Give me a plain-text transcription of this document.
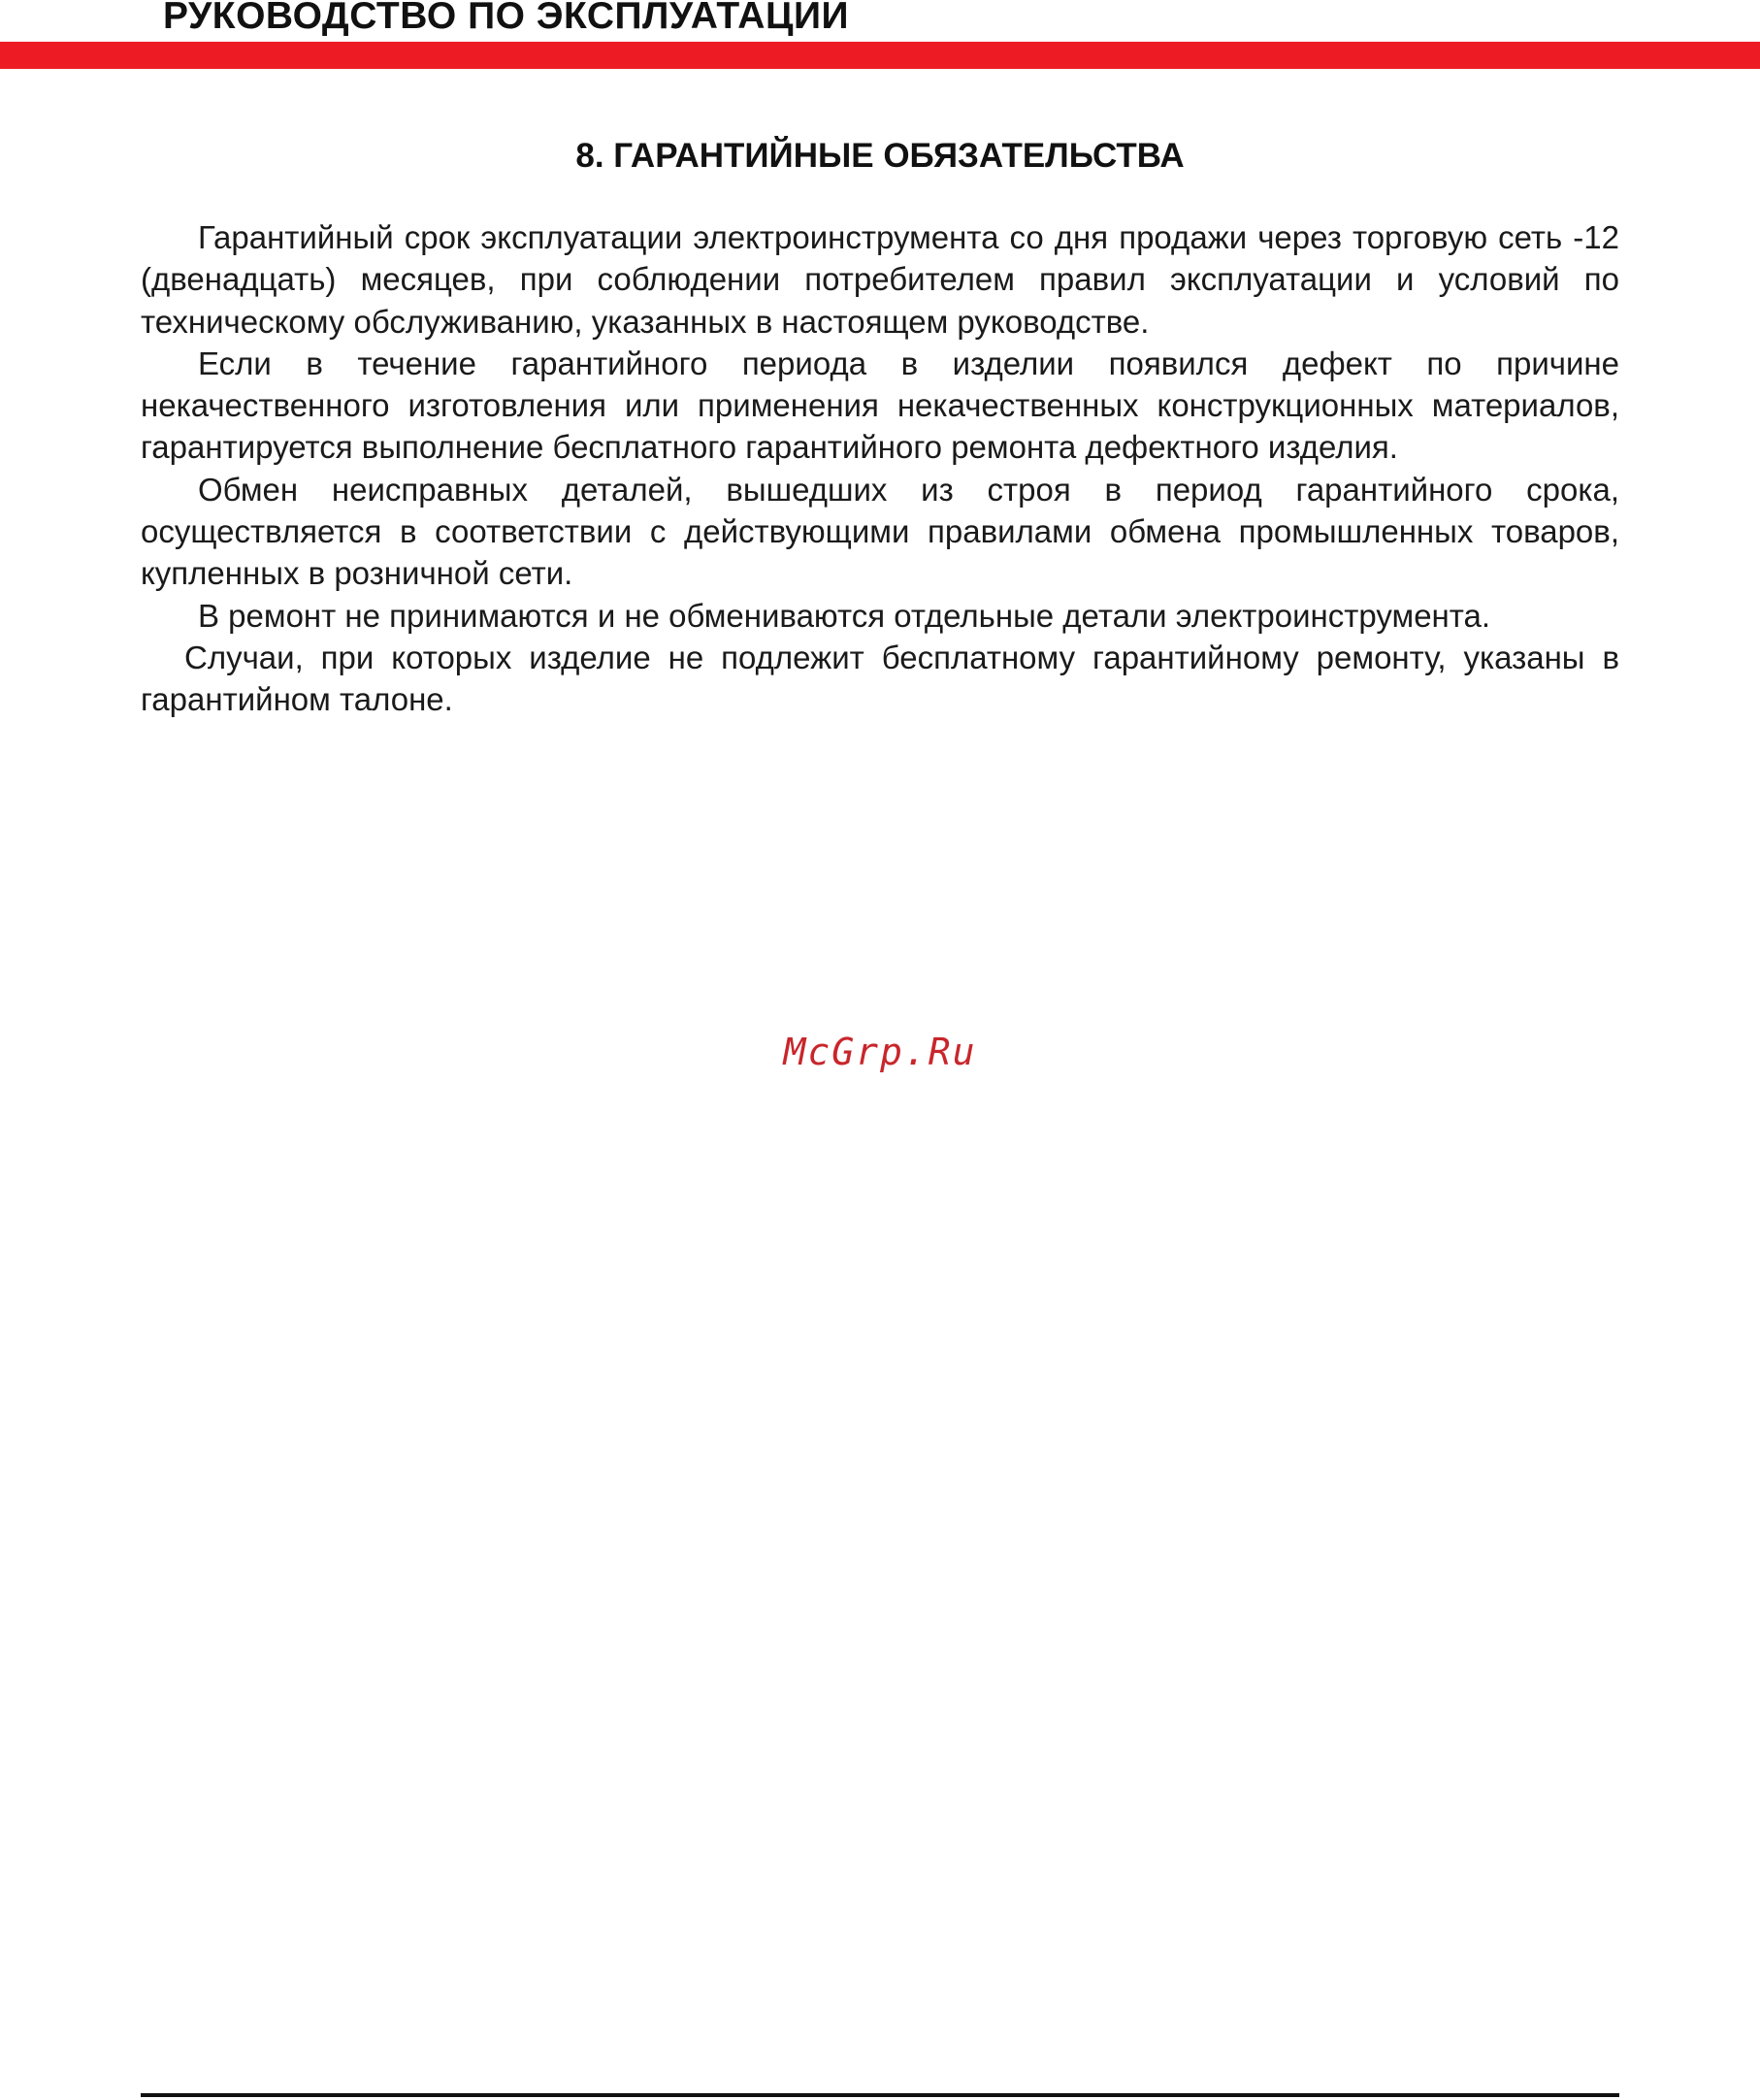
РУКОВОДСТВО ПО ЭКСПЛУАТАЦИИ
8. ГАРАНТИЙНЫЕ ОБЯЗАТЕЛЬСТВА

Гарантийный срок эксплуатации электроинструмента со дня продажи через торговую сеть -12 (двенадцать) месяцев, при соблюдении потребителем правил эксплуатации и условий по техническому обслуживанию, указанных в настоящем руководстве.

Если в течение гарантийного периода в изделии появился дефект по причине некачественного изготовления или применения некачественных конструкционных материалов, гарантируется выполнение бесплатного гарантийного ремонта дефектного изделия.

Обмен неисправных деталей, вышедших из строя в период гарантийного срока, осуществляется в соответствии с действующими правилами обмена промышленных товаров, купленных в розничной сети.

В ремонт не принимаются и не обмениваются отдельные детали электроинструмента.

Случаи, при которых изделие не подлежит бесплатному гарантийному ремонту, указаны в гарантийном талоне.

McGrp.Ru
